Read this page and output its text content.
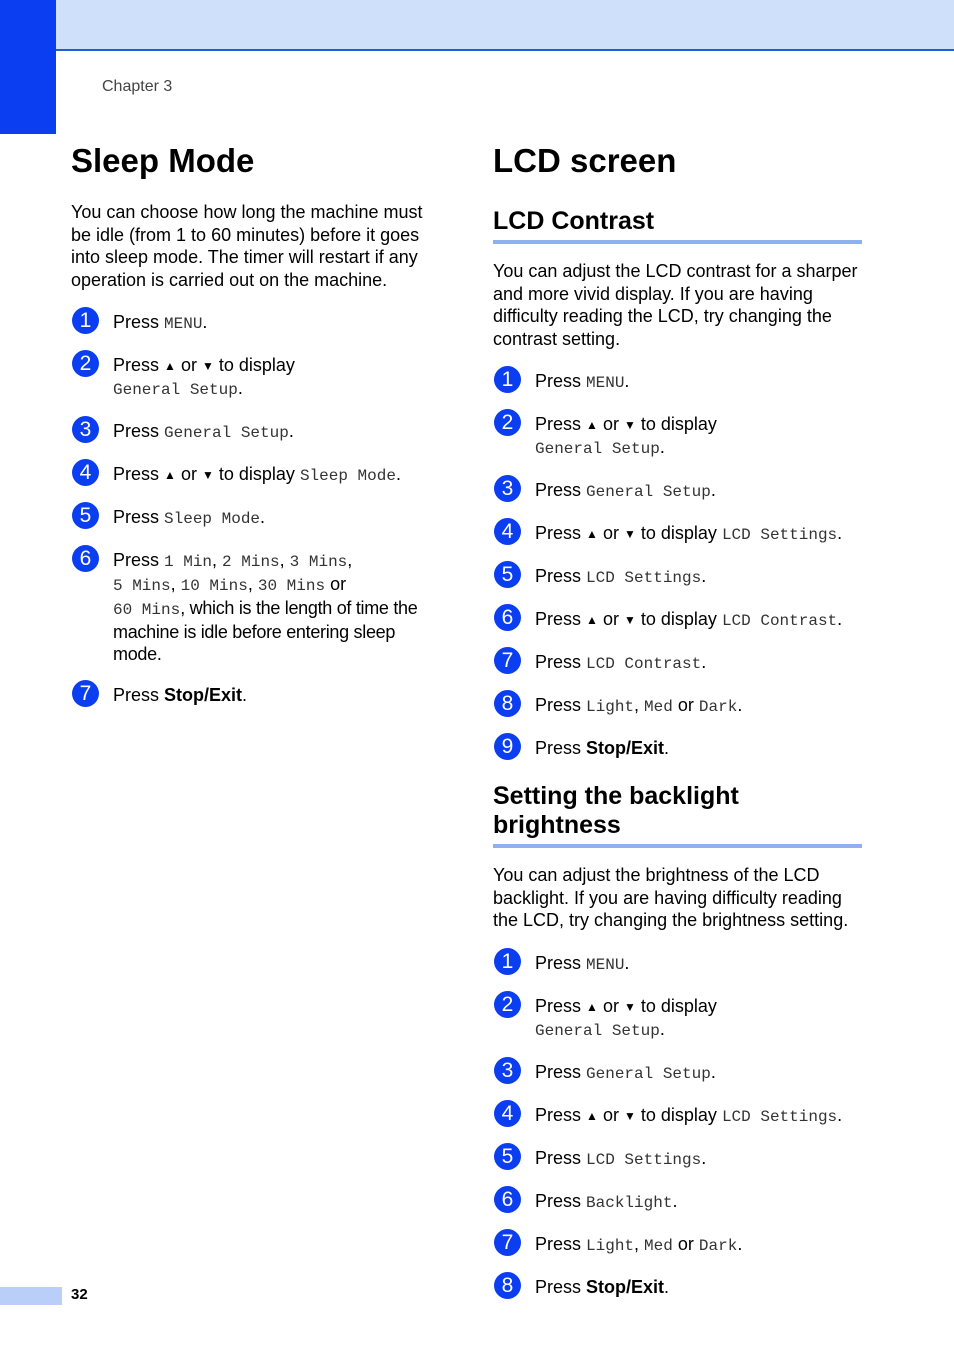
Chapter 3
Sleep Mode

You can choose how long the machine must be idle (from 1 to 60 minutes) before it goes into sleep mode. The timer will restart if any operation is carried out on the machine.

1	Press MENU.
2	Press ▲ or ▼ to display
General Setup.
3	Press General Setup.
4	Press ▲ or ▼ to display Sleep Mode.
5	Press Sleep Mode.
6	Press 1 Min, 2 Mins, 3 Mins,
5 Mins, 10 Mins, 30 Mins or
60 Mins, which is the length of time the machine is idle before entering sleep mode.
7	Press Stop/Exit.
LCD screen
LCD Contrast

You can adjust the LCD contrast for a sharper and more vivid display. If you are having difficulty reading the LCD, try changing the contrast setting.

1	Press MENU.
2	Press ▲ or ▼ to display
General Setup.
3	Press General Setup.
4	Press ▲ or ▼ to display LCD Settings.
5	Press LCD Settings.
6	Press ▲ or ▼ to display LCD Contrast.
7	Press LCD Contrast.
8	Press Light, Med or Dark.
9	Press Stop/Exit.
Setting the backlight brightness

You can adjust the brightness of the LCD backlight. If you are having difficulty reading the LCD, try changing the brightness setting.

1	Press MENU.
2	Press ▲ or ▼ to display
General Setup.
3	Press General Setup.
4	Press ▲ or ▼ to display LCD Settings.
5	Press LCD Settings.
6	Press Backlight.
7	Press Light, Med or Dark.
8	Press Stop/Exit.
32
